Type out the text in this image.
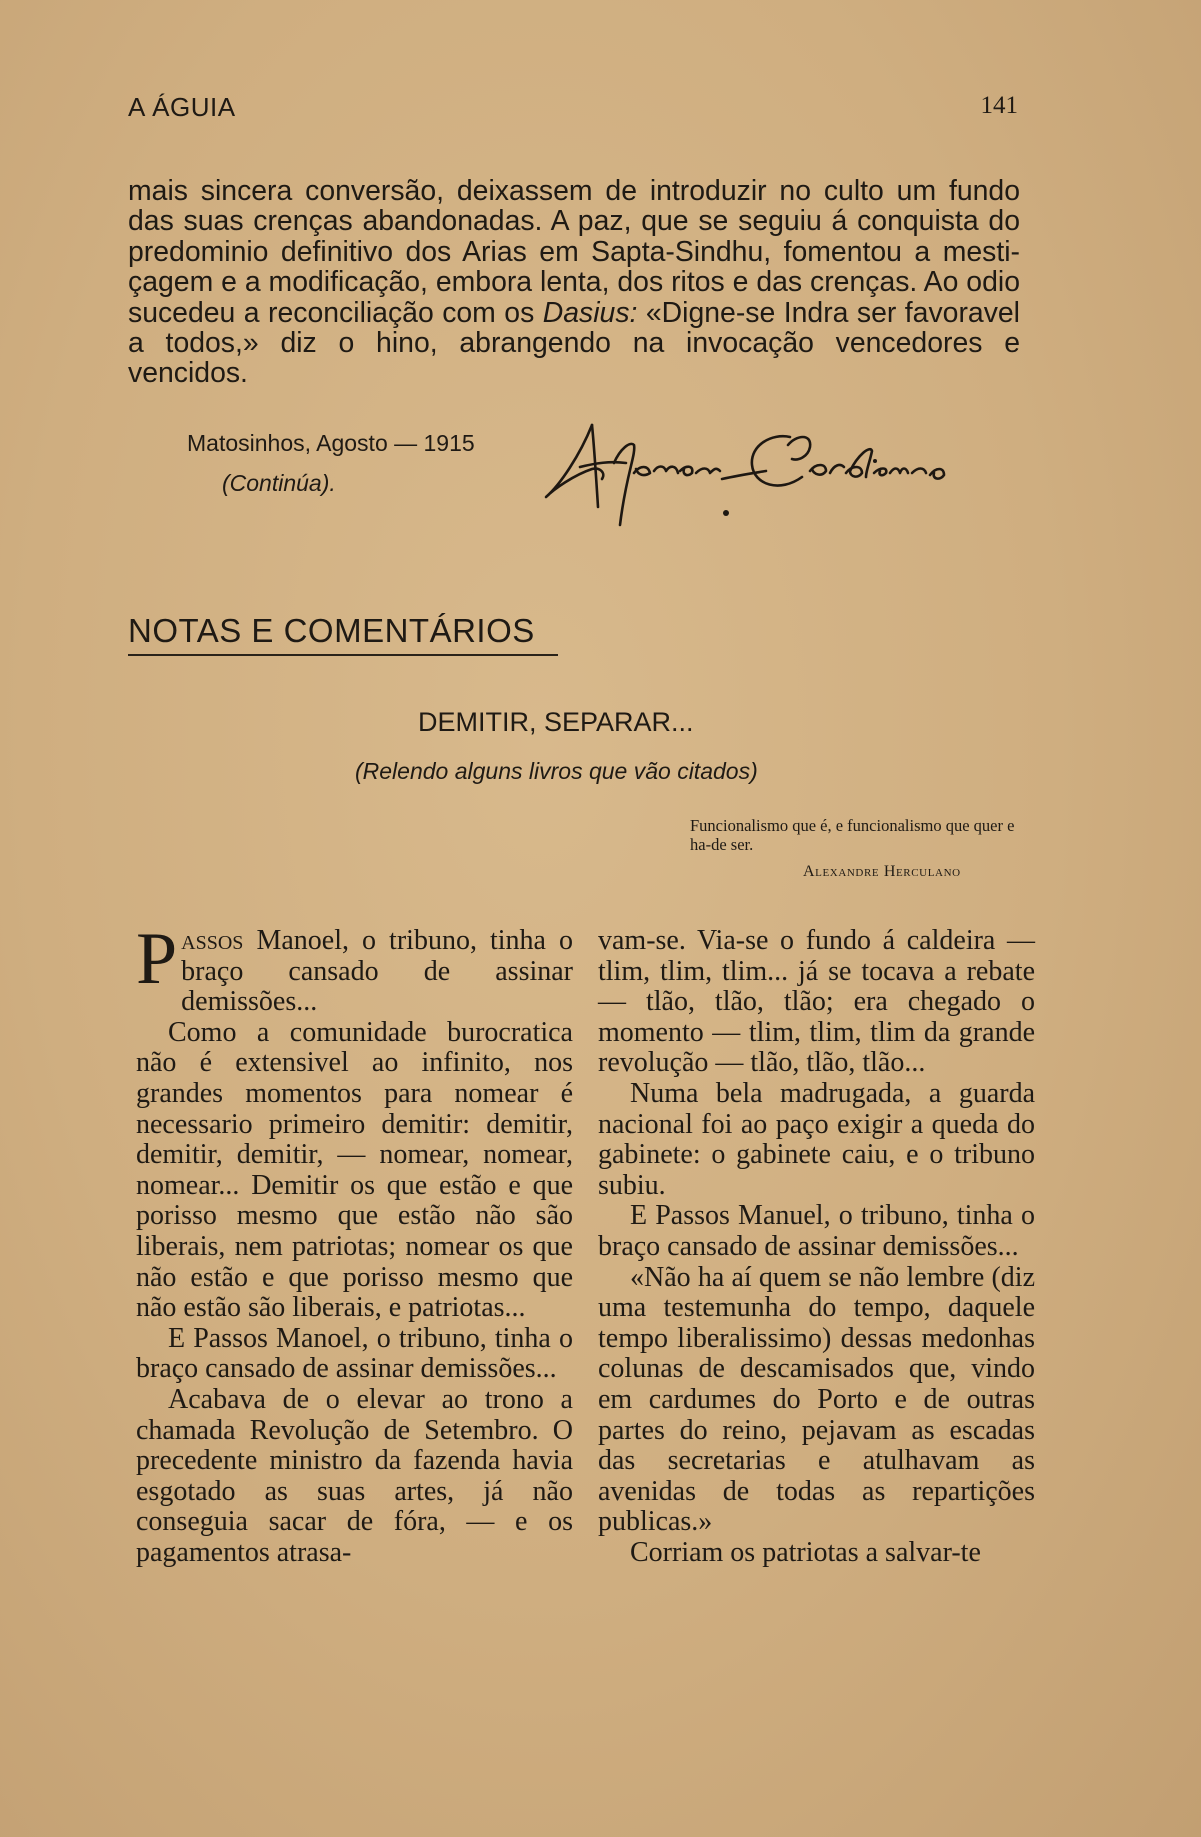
A ÁGUIA	141

mais sincera conversão, deixassem de introduzir no culto um fundo das suas crenças abandonadas. A paz, que se seguiu á conquista do predominio definitivo dos Arias em Sapta-Sindhu, fomentou a mestiçagem e a modificação, embora lenta, dos ritos e das crenças. Ao odio sucedeu a reconciliação com os Dasius: «Digne-se Indra ser favoravel a todos,» diz o hino, abrangendo na invocação vencedores e vencidos.

Matosinhos, Agosto — 1915
(Continúa).
NOTAS E COMENTÁRIOS
DEMITIR, SEPARAR...
(Relendo alguns livros que vão citados)
Funcionalismo que é, e funcionalismo que quer e ha-de ser.
Alexandre Herculano

Passos Manoel, o tribuno, tinha o braço cansado de assinar demissões...

Como a comunidade burocratica não é extensivel ao infinito, nos grandes momentos para nomear é necessario primeiro demitir: demitir, demitir, demitir, — nomear, nomear, nomear... Demitir os que estão e que porisso mesmo que estão não são liberais, nem patriotas; nomear os que não estão e que porisso mesmo que não estão são liberais, e patriotas...

E Passos Manoel, o tribuno, tinha o braço cansado de assinar demissões...

Acabava de o elevar ao trono a chamada Revolução de Setembro. O precedente ministro da fazenda havia esgotado as suas artes, já não conseguia sacar de fóra, — e os pagamentos atrasa-

vam-se. Via-se o fundo á caldeira — tlim, tlim, tlim... já se tocava a rebate — tlão, tlão, tlão; era chegado o momento — tlim, tlim, tlim da grande revolução — tlão, tlão, tlão...

Numa bela madrugada, a guarda nacional foi ao paço exigir a queda do gabinete: o gabinete caiu, e o tribuno subiu.

E Passos Manuel, o tribuno, tinha o braço cansado de assinar demissões...

«Não ha aí quem se não lembre (diz uma testemunha do tempo, daquele tempo liberalissimo) dessas medonhas colunas de descamisados que, vindo em cardumes do Porto e de outras partes do reino, pejavam as escadas das secretarias e atulhavam as avenidas de todas as repartições publicas.»

Corriam os patriotas a salvar-te
